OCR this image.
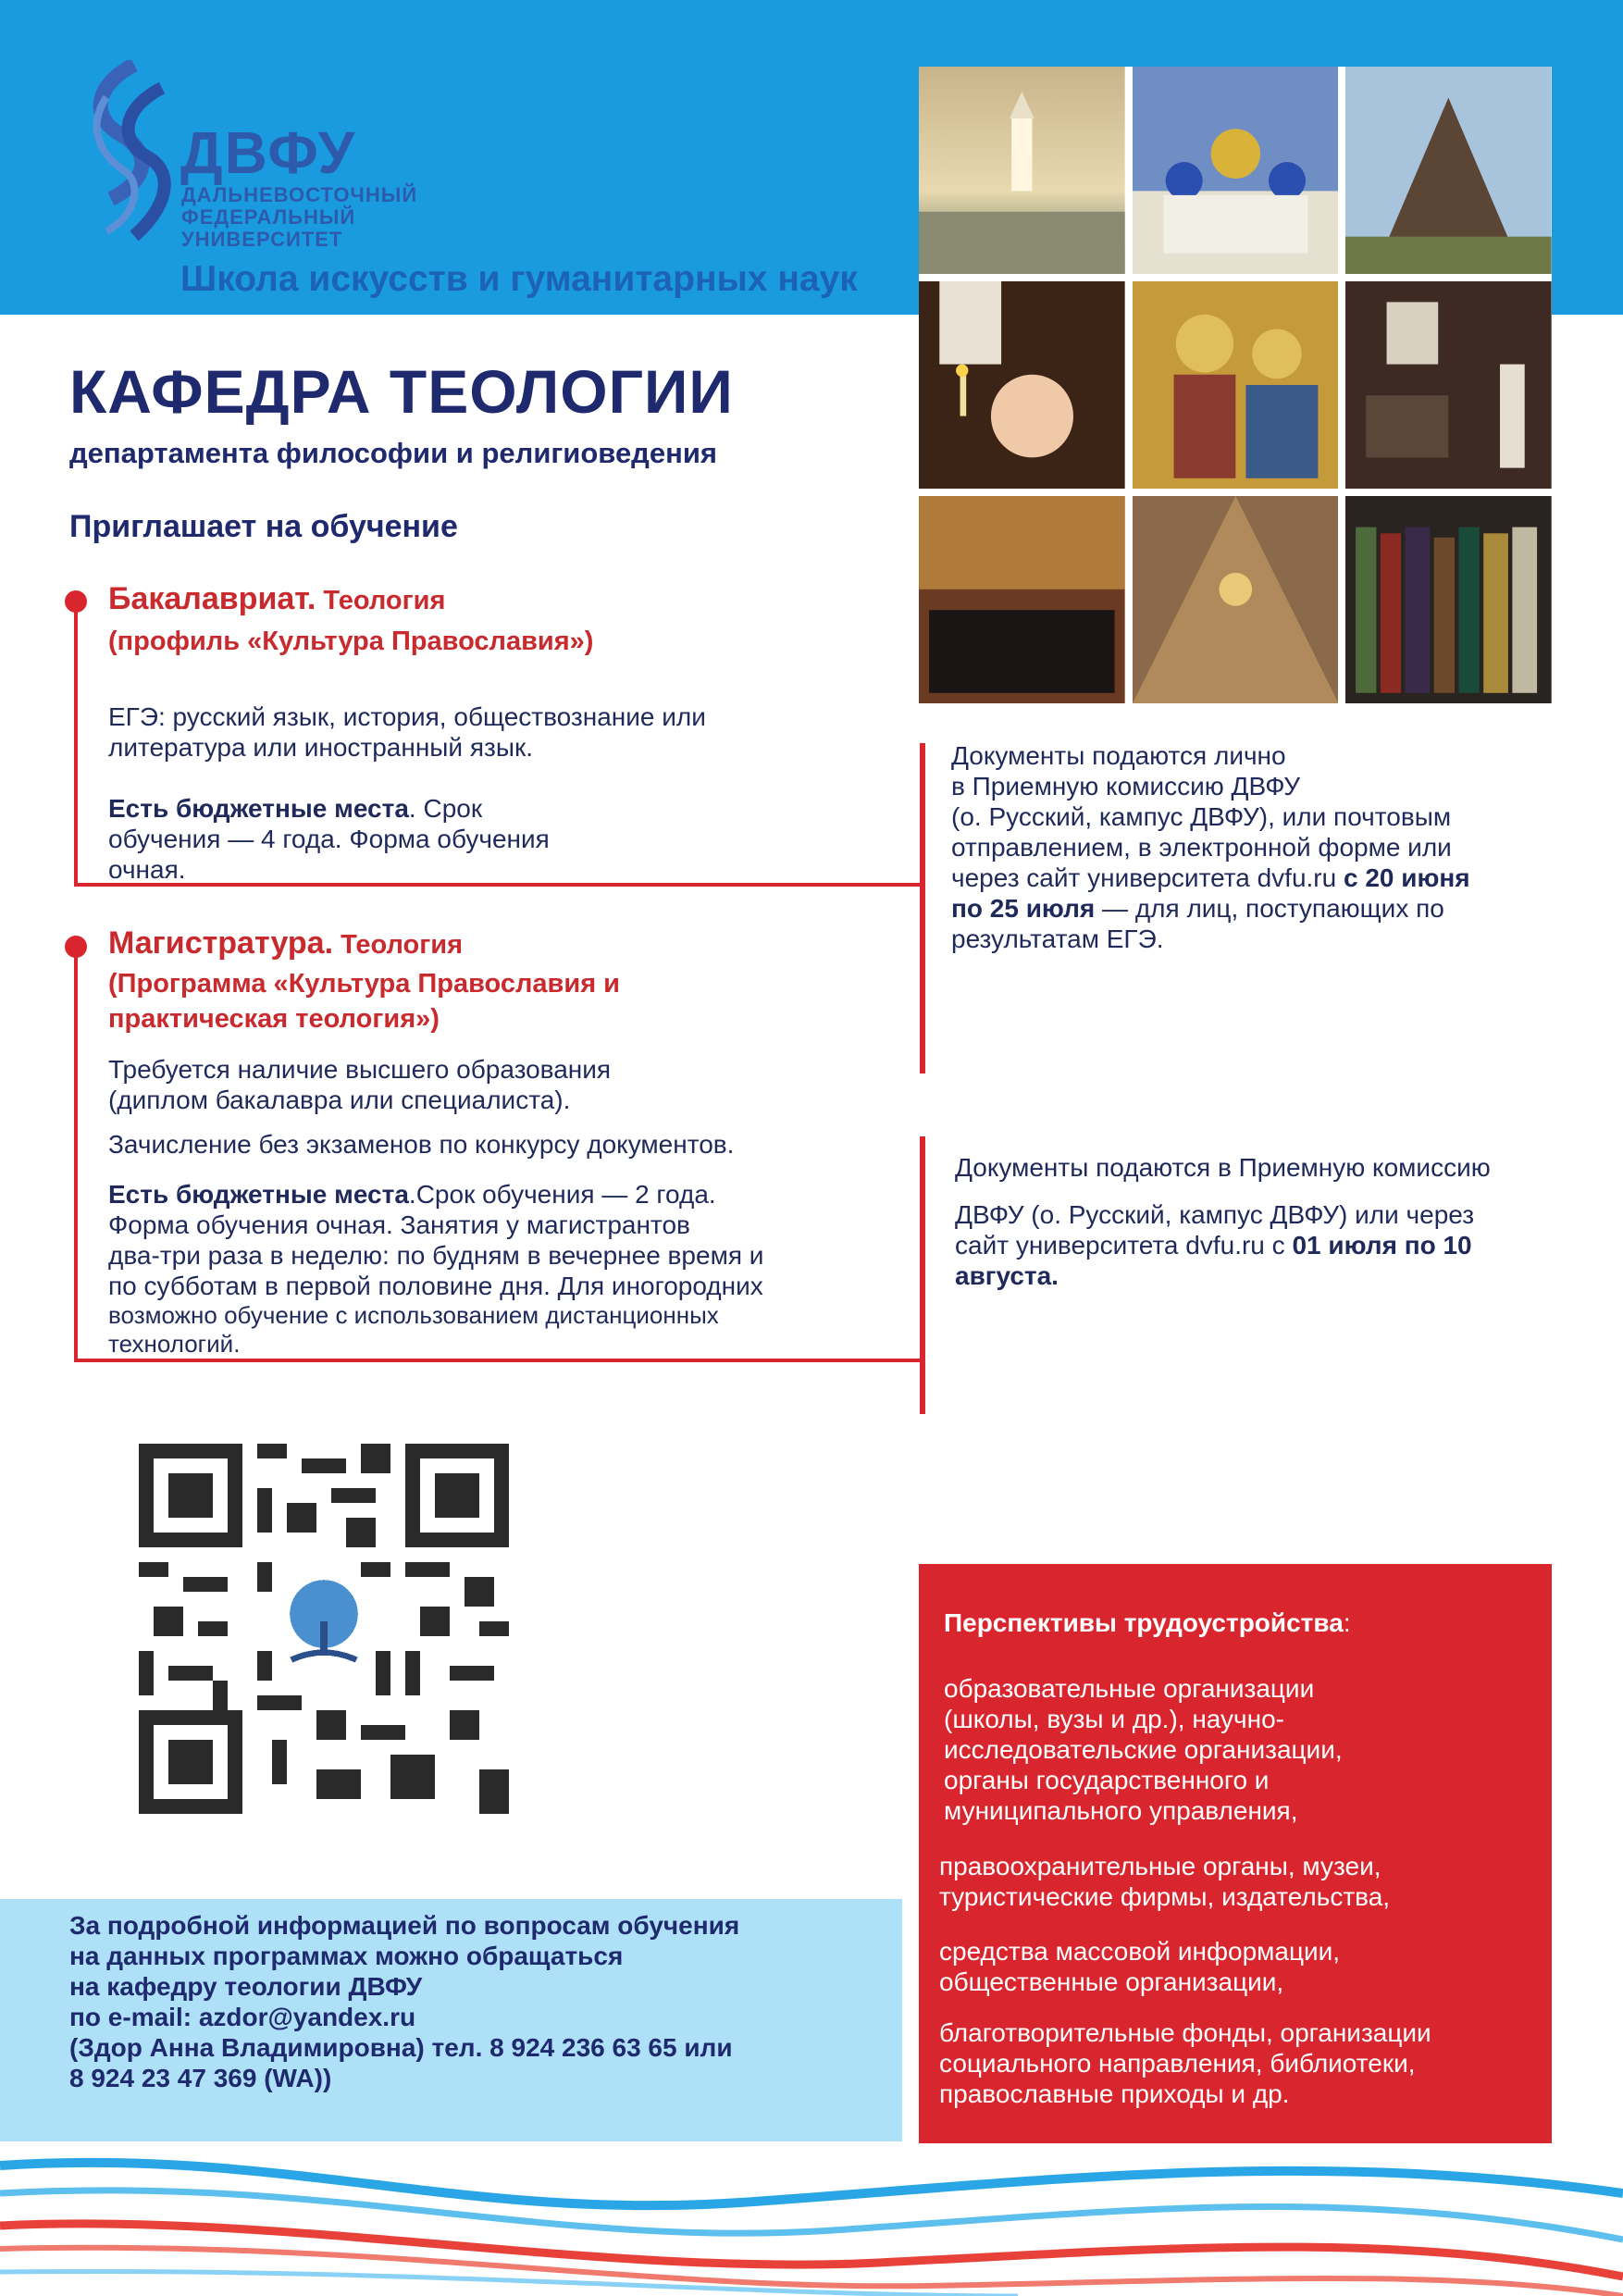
ДВФУ
ДАЛЬНЕВОСТОЧНЫЙ
ФЕДЕРАЛЬНЫЙ
УНИВЕРСИТЕТ
Школа искусств и гуманитарных наук
КАФЕДРА ТЕОЛОГИИ
департамента философии и религиоведения
Приглашает на обучение
Бакалавриат. Теология
(профиль «Культура Православия»)
ЕГЭ: русский язык, история, обществознание или
литература или иностранный язык.
Есть бюджетные места. Срок
обучения — 4 года. Форма обучения
очная.
Документы подаются лично
в Приемную комиссию ДВФУ
(о. Русский, кампус ДВФУ), или почтовым
отправлением, в электронной форме или
через сайт университета dvfu.ru с 20 июня
по 25 июля — для лиц, поступающих по
результатам ЕГЭ.
Магистратура. Теология
(Программа «Культура Православия и
практическая теология»)
Требуется наличие высшего образования
(диплом бакалавра или специалиста).
Зачисление без экзаменов по конкурсу документов.
Есть бюджетные места.Срок обучения — 2 года.
Форма обучения очная. Занятия у магистрантов
два-три раза в неделю: по будням в вечернее время и
по субботам в первой половине дня. Для иногородних
возможно обучение с использованием дистанционных
технологий.
Документы подаются в Приемную комиссию
ДВФУ (о. Русский, кампус ДВФУ) или через
сайт университета dvfu.ru с 01 июля по 10
августа.
За подробной информацией по вопросам обучения
на данных программах можно обращаться
на кафедру теологии ДВФУ
по e-mail: azdor@yandex.ru
(Здор Анна Владимировна) тел. 8 924 236 63 65 или
8 924 23 47 369 (WA))
Перспективы трудоустройства:
образовательные организации
(школы, вузы и др.), научно-
исследовательские организации,
органы государственного и
муниципального управления,
правоохранительные органы, музеи,
туристические фирмы, издательства,
средства массовой информации,
общественные организации,
благотворительные фонды, организации
социального направления, библиотеки,
православные приходы и др.
